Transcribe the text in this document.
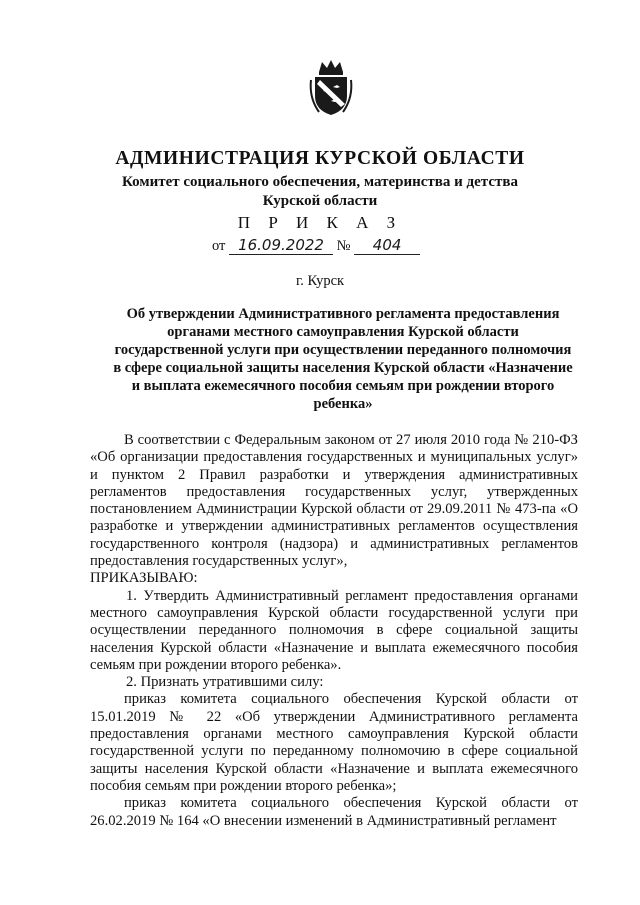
АДМИНИСТРАЦИЯ КУРСКОЙ ОБЛАСТИ
Комитет социального обеспечения, материнства и детства
Курской области
П Р И К А З
от 16.09.2022 № 404
г. Курск
Об утверждении Административного регламента предоставления органами местного самоуправления Курской области государственной услуги при осуществлении переданного полномочия в сфере социальной защиты населения Курской области «Назначение и выплата ежемесячного пособия семьям при рождении второго ребенка»

В соответствии с Федеральным законом от 27 июля 2010 года № 210-ФЗ «Об организации предоставления государственных и муниципальных услуг» и пунктом 2 Правил разработки и утверждения административных регламентов предоставления государственных услуг, утвержденных постановлением Администрации Курской области от 29.09.2011 № 473-па «О разработке и утверждении административных регламентов осуществления государственного контроля (надзора) и административных регламентов предоставления государственных услуг»,

ПРИКАЗЫВАЮ:

1. Утвердить Административный регламент предоставления органами местного самоуправления Курской области государственной услуги при осуществлении переданного полномочия в сфере социальной защиты населения Курской области «Назначение и выплата ежемесячного пособия семьям при рождении второго ребенка».

2. Признать утратившими силу:

приказ комитета социального обеспечения Курской области от 15.01.2019 № 22 «Об утверждении Административного регламента предоставления органами местного самоуправления Курской области государственной услуги по переданному полномочию в сфере социальной защиты населения Курской области «Назначение и выплата ежемесячного пособия семьям при рождении второго ребенка»;

приказ комитета социального обеспечения Курской области от 26.02.2019 № 164 «О внесении изменений в Административный регламент
